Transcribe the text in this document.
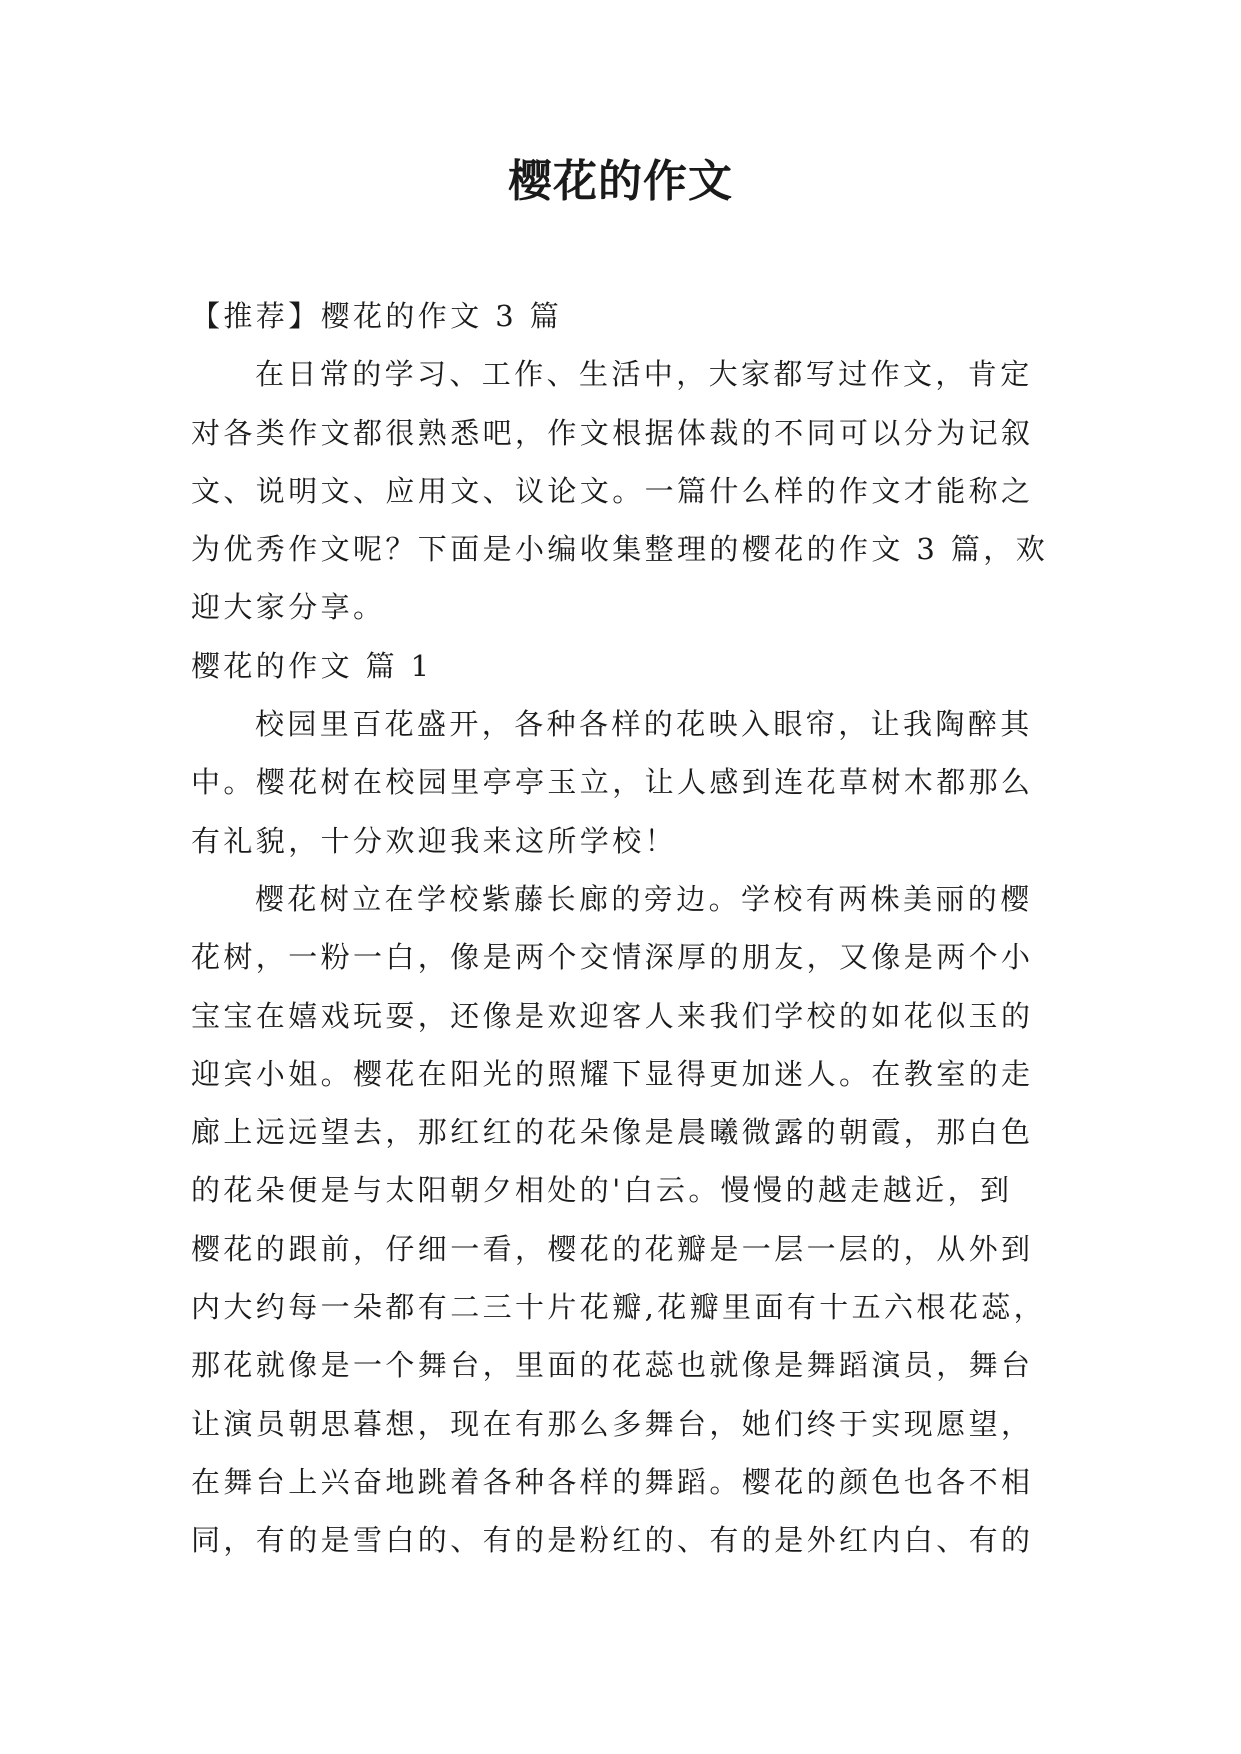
樱花的作文
【推荐】樱花的作文 3 篇
在日常的学习、工作、生活中，大家都写过作文，肯定
对各类作文都很熟悉吧，作文根据体裁的不同可以分为记叙
文、说明文、应用文、议论文。一篇什么样的作文才能称之
为优秀作文呢？下面是小编收集整理的樱花的作文 3 篇，欢
迎大家分享。
樱花的作文 篇 1
校园里百花盛开，各种各样的花映入眼帘，让我陶醉其
中。樱花树在校园里亭亭玉立，让人感到连花草树木都那么
有礼貌，十分欢迎我来这所学校！
樱花树立在学校紫藤长廊的旁边。学校有两株美丽的樱
花树，一粉一白，像是两个交情深厚的朋友，又像是两个小
宝宝在嬉戏玩耍，还像是欢迎客人来我们学校的如花似玉的
迎宾小姐。樱花在阳光的照耀下显得更加迷人。在教室的走
廊上远远望去，那红红的花朵像是晨曦微露的朝霞，那白色
的花朵便是与太阳朝夕相处的'白云。慢慢的越走越近，到
樱花的跟前，仔细一看，樱花的花瓣是一层一层的，从外到
内大约每一朵都有二三十片花瓣,花瓣里面有十五六根花蕊，
那花就像是一个舞台，里面的花蕊也就像是舞蹈演员，舞台
让演员朝思暮想，现在有那么多舞台，她们终于实现愿望，
在舞台上兴奋地跳着各种各样的舞蹈。樱花的颜色也各不相
同，有的是雪白的、有的是粉红的、有的是外红内白、有的
